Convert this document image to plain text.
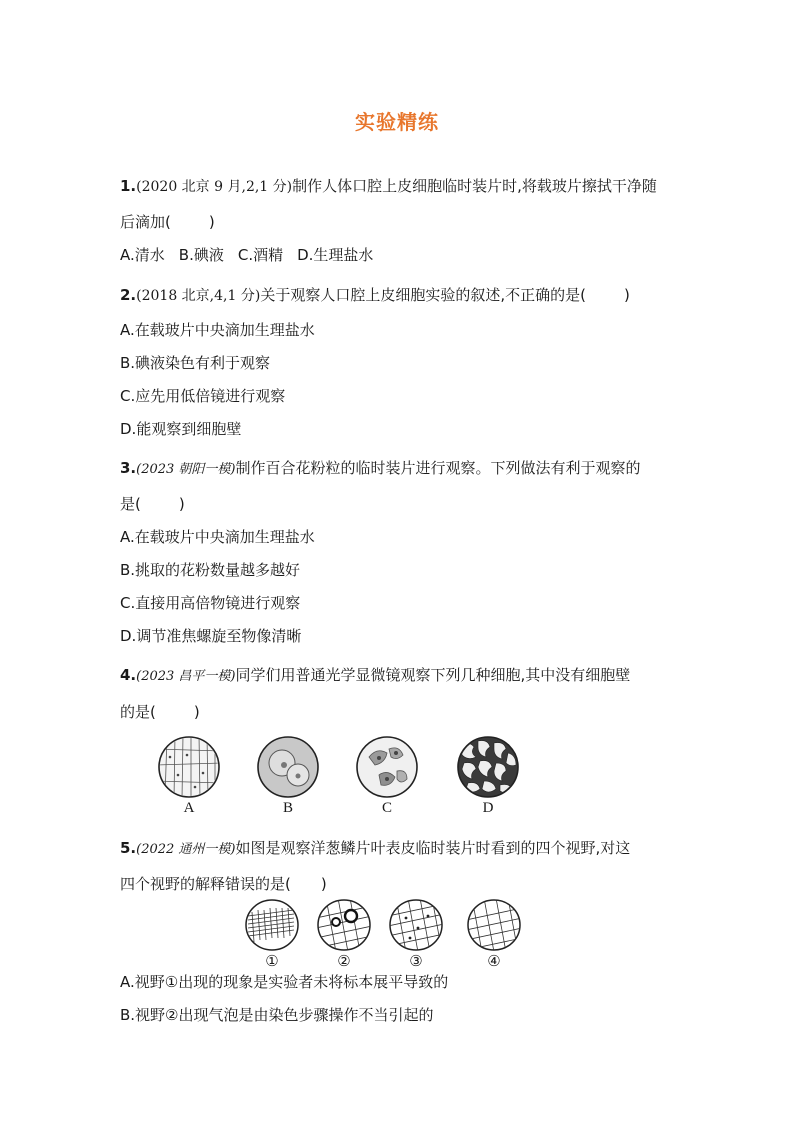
实验精练
1.(2020 北京 9 月,2,1 分)制作人体口腔上皮细胞临时装片时,将载玻片擦拭干净随
后滴加(	)
A.清水 B.碘液 C.酒精 D.生理盐水
2.(2018 北京,4,1 分)关于观察人口腔上皮细胞实验的叙述,不正确的是(	)
A.在载玻片中央滴加生理盐水
B.碘液染色有利于观察
C.应先用低倍镜进行观察
D.能观察到细胞壁
3.(2023 朝阳一模)制作百合花粉粒的临时装片进行观察。下列做法有利于观察的
是(	)
A.在载玻片中央滴加生理盐水
B.挑取的花粉数量越多越好
C.直接用高倍物镜进行观察
D.调节准焦螺旋至物像清晰
4.(2023 昌平一模)同学们用普通光学显微镜观察下列几种细胞,其中没有细胞壁
的是(	)
A	B	C	D
5.(2022 通州一模)如图是观察洋葱鳞片叶表皮临时装片时看到的四个视野,对这
四个视野的解释错误的是( )
①	②	③	④
A.视野①出现的现象是实验者未将标本展平导致的
B.视野②出现气泡是由染色步骤操作不当引起的
